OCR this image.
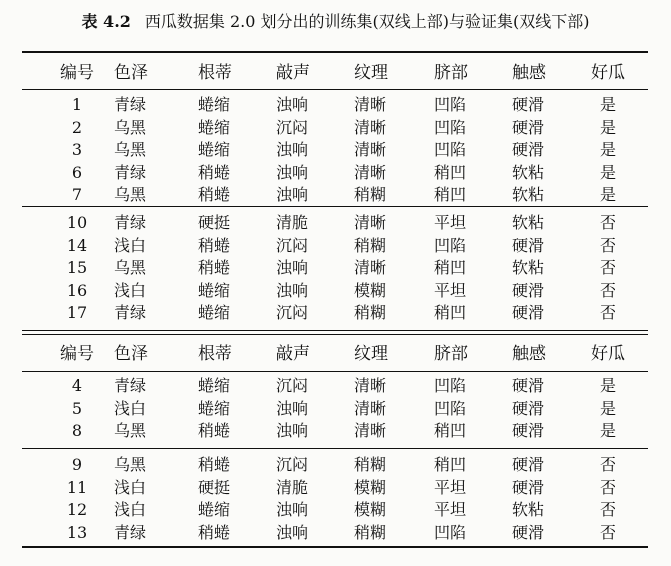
表 4.2 西瓜数据集 2.0 划分出的训练集(双线上部)与验证集(双线下部)
编号	色泽	根蒂	敲声	纹理	脐部	触感	好瓜
1	青绿	蜷缩	浊响	清晰	凹陷	硬滑	是
2	乌黑	蜷缩	沉闷	清晰	凹陷	硬滑	是
3	乌黑	蜷缩	浊响	清晰	凹陷	硬滑	是
6	青绿	稍蜷	浊响	清晰	稍凹	软粘	是
7	乌黑	稍蜷	浊响	稍糊	稍凹	软粘	是
10	青绿	硬挺	清脆	清晰	平坦	软粘	否
14	浅白	稍蜷	沉闷	稍糊	凹陷	硬滑	否
15	乌黑	稍蜷	浊响	清晰	稍凹	软粘	否
16	浅白	蜷缩	浊响	模糊	平坦	硬滑	否
17	青绿	蜷缩	沉闷	稍糊	稍凹	硬滑	否
编号	色泽	根蒂	敲声	纹理	脐部	触感	好瓜
4	青绿	蜷缩	沉闷	清晰	凹陷	硬滑	是
5	浅白	蜷缩	浊响	清晰	凹陷	硬滑	是
8	乌黑	稍蜷	浊响	清晰	稍凹	硬滑	是
9	乌黑	稍蜷	沉闷	稍糊	稍凹	硬滑	否
11	浅白	硬挺	清脆	模糊	平坦	硬滑	否
12	浅白	蜷缩	浊响	模糊	平坦	软粘	否
13	青绿	稍蜷	浊响	稍糊	凹陷	硬滑	否
